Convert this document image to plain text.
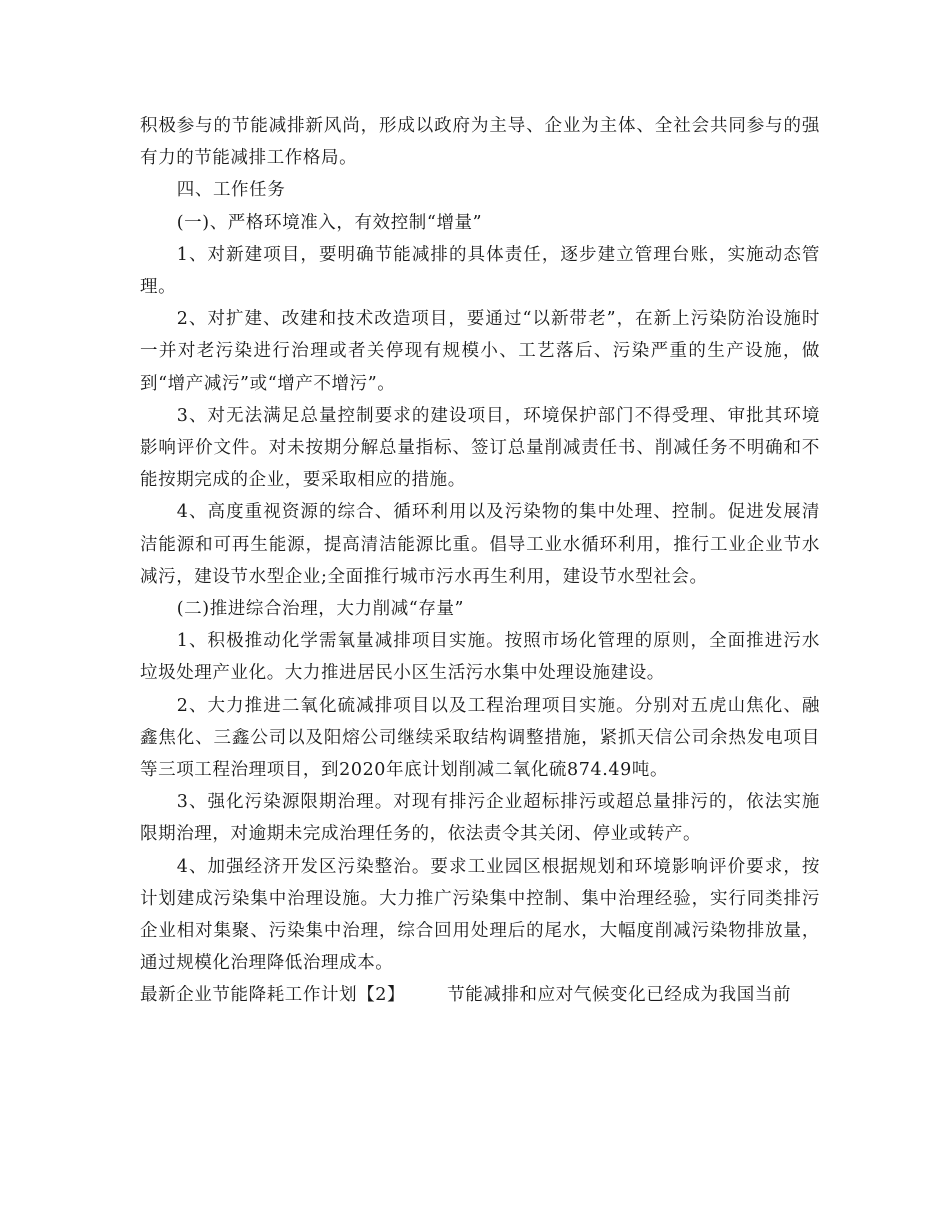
积极参与的节能减排新风尚，形成以政府为主导、企业为主体、全社会共同参与的强有力的节能减排工作格局。

四、工作任务

(一)、严格环境准入，有效控制“增量”

1、对新建项目，要明确节能减排的具体责任，逐步建立管理台账，实施动态管理。

2、对扩建、改建和技术改造项目，要通过“以新带老”，在新上污染防治设施时一并对老污染进行治理或者关停现有规模小、工艺落后、污染严重的生产设施，做到“增产减污”或“增产不增污”。

3、对无法满足总量控制要求的建设项目，环境保护部门不得受理、审批其环境影响评价文件。对未按期分解总量指标、签订总量削减责任书、削减任务不明确和不能按期完成的企业，要采取相应的措施。

4、高度重视资源的综合、循环利用以及污染物的集中处理、控制。促进发展清洁能源和可再生能源，提高清洁能源比重。倡导工业水循环利用，推行工业企业节水减污，建设节水型企业;全面推行城市污水再生利用，建设节水型社会。

(二)推进综合治理，大力削减“存量”

1、积极推动化学需氧量减排项目实施。按照市场化管理的原则，全面推进污水垃圾处理产业化。大力推进居民小区生活污水集中处理设施建设。

2、大力推进二氧化硫减排项目以及工程治理项目实施。分别对五虎山焦化、融鑫焦化、三鑫公司以及阳熔公司继续采取结构调整措施，紧抓天信公司余热发电项目等三项工程治理项目，到2020年底计划削减二氧化硫874.49吨。

3、强化污染源限期治理。对现有排污企业超标排污或超总量排污的，依法实施限期治理，对逾期未完成治理任务的，依法责令其关闭、停业或转产。

4、加强经济开发区污染整治。要求工业园区根据规划和环境影响评价要求，按计划建成污染集中治理设施。大力推广污染集中控制、集中治理经验，实行同类排污企业相对集聚、污染集中治理，综合回用处理后的尾水，大幅度削减污染物排放量，通过规模化治理降低治理成本。

最新企业节能降耗工作计划【2】 节能减排和应对气候变化已经成为我国当前
